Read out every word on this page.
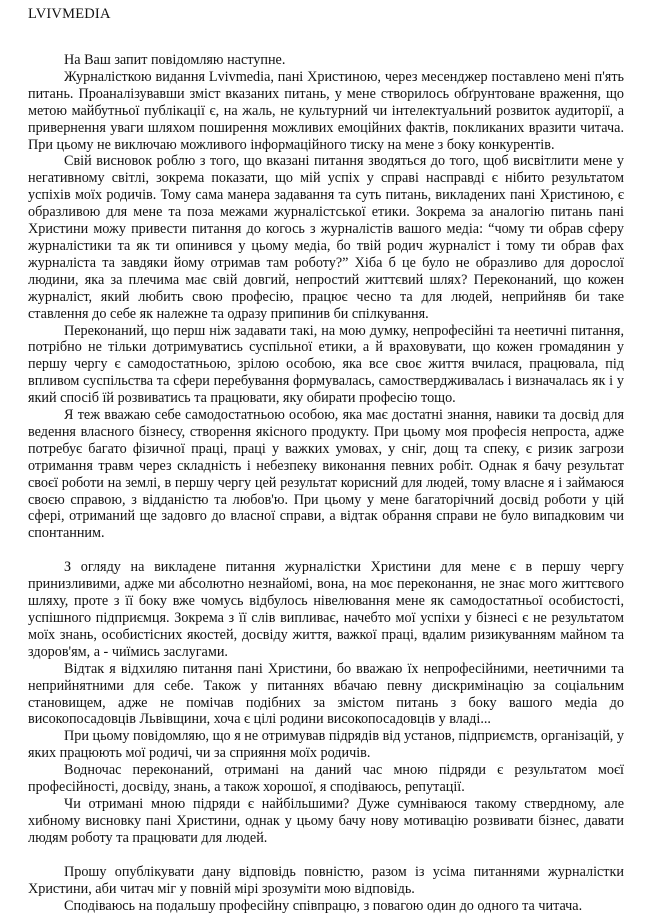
LVIVMEDIA

На Ваш запит повідомляю наступне.

Журналісткою видання Lvivmedia, пані Христиною, через месенджер поставлено мені п'ять питань. Проаналізувавши зміст вказаних питань, у мене створилось обґрунтоване враження, що метою майбутньої публікації є, на жаль, не культурний чи інтелектуальний розвиток аудиторії, а привернення уваги шляхом поширення можливих емоційних фактів, покликаних вразити читача. При цьому не виключаю можливого інформаційного тиску на мене з боку конкурентів.

Свій висновок роблю з того, що вказані питання зводяться до того, щоб висвітлити мене у негативному світлі, зокрема показати, що мій успіх у справі насправді є нібито результатом успіхів моїх родичів. Тому сама манера задавання та суть питань, викладених пані Христиною, є образливою для мене та поза межами журналістської етики. Зокрема за аналогію питань пані Христини можу привести питання до когось з журналістів вашого медіа: “чому ти обрав сферу журналістики та як ти опинився у цьому медіа, бо твій родич журналіст і тому ти обрав фах журналіста та завдяки йому отримав там роботу?” Хіба б це було не образливо для дорослої людини, яка за плечима має свій довгий, непростий життєвий шлях? Переконаний, що кожен журналіст, який любить свою професію, працює чесно та для людей, неприйняв би таке ставлення до себе як належне та одразу припинив би спілкування.

Переконаний, що перш ніж задавати такі, на мою думку, непрофесійні та неетичні питання, потрібно не тільки дотримуватись суспільної етики, а й враховувати, що кожен громадянин у першу чергу є самодостатньою, зрілою особою, яка все своє життя вчилася, працювала, під впливом суспільства та сфери перебування формувалась, самоствердживалась і визначалась як і у який спосіб їй розвиватись та працювати, яку обирати професію тощо.

Я теж вважаю себе самодостатньою особою, яка має достатні знання, навики та досвід для ведення власного бізнесу, створення якісного продукту. При цьому моя професія непроста, адже потребує багато фізичної праці, праці у важких умовах, у сніг, дощ та спеку, є ризик загрози отримання травм через складність і небезпеку виконання певних робіт. Однак я бачу результат своєї роботи на землі, в першу чергу цей результат корисний для людей, тому власне я і займаюся своєю справою, з відданістю та любов'ю. При цьому у мене багаторічний досвід роботи у цій сфері, отриманий ще задовго до власної справи, а відтак обрання справи не було випадковим чи спонтанним.

З огляду на викладене питання журналістки Христини для мене є в першу чергу принизливими, адже ми абсолютно незнайомі, вона, на моє переконання, не знає мого життєвого шляху, проте з її боку вже чомусь відбулось нівелювання мене як самодостатньої особистості, успішного підприємця. Зокрема з її слів випливає, начебто мої успіхи у бізнесі є не результатом моїх знань, особистісних якостей, досвіду життя, важкої праці, вдалим ризикуванням майном та здоров'ям, а - чиїмись заслугами.

Відтак я відхиляю питання пані Христини, бо вважаю їх непрофесійними, неетичними та неприйнятними для себе. Також у питаннях вбачаю певну дискримінацію за соціальним становищем, адже не помічав подібних за змістом питань з боку вашого медіа до високопосадовців Львівщини, хоча є цілі родини високопосадовців у владі...

При цьому повідомляю, що я не отримував підрядів від установ, підприємств, організацій, у яких працюють мої родичі, чи за сприяння моїх родичів.

Водночас переконаний, отримані на даний час мною підряди є результатом моєї професійності, досвіду, знань, а також хорошої, я сподіваюсь, репутації.

Чи отримані мною підряди є найбільшими? Дуже сумніваюся такому ствердному, але хибному висновку пані Христини, однак у цьому бачу нову мотивацію розвивати бізнес, давати людям роботу та працювати для людей.

Прошу опублікувати дану відповідь повністю, разом із усіма питаннями журналістки Христини, аби читач міг у повній мірі зрозуміти мою відповідь.

Сподіваюсь на подальшу професійну співпрацю, з повагою один до одного та читача.
